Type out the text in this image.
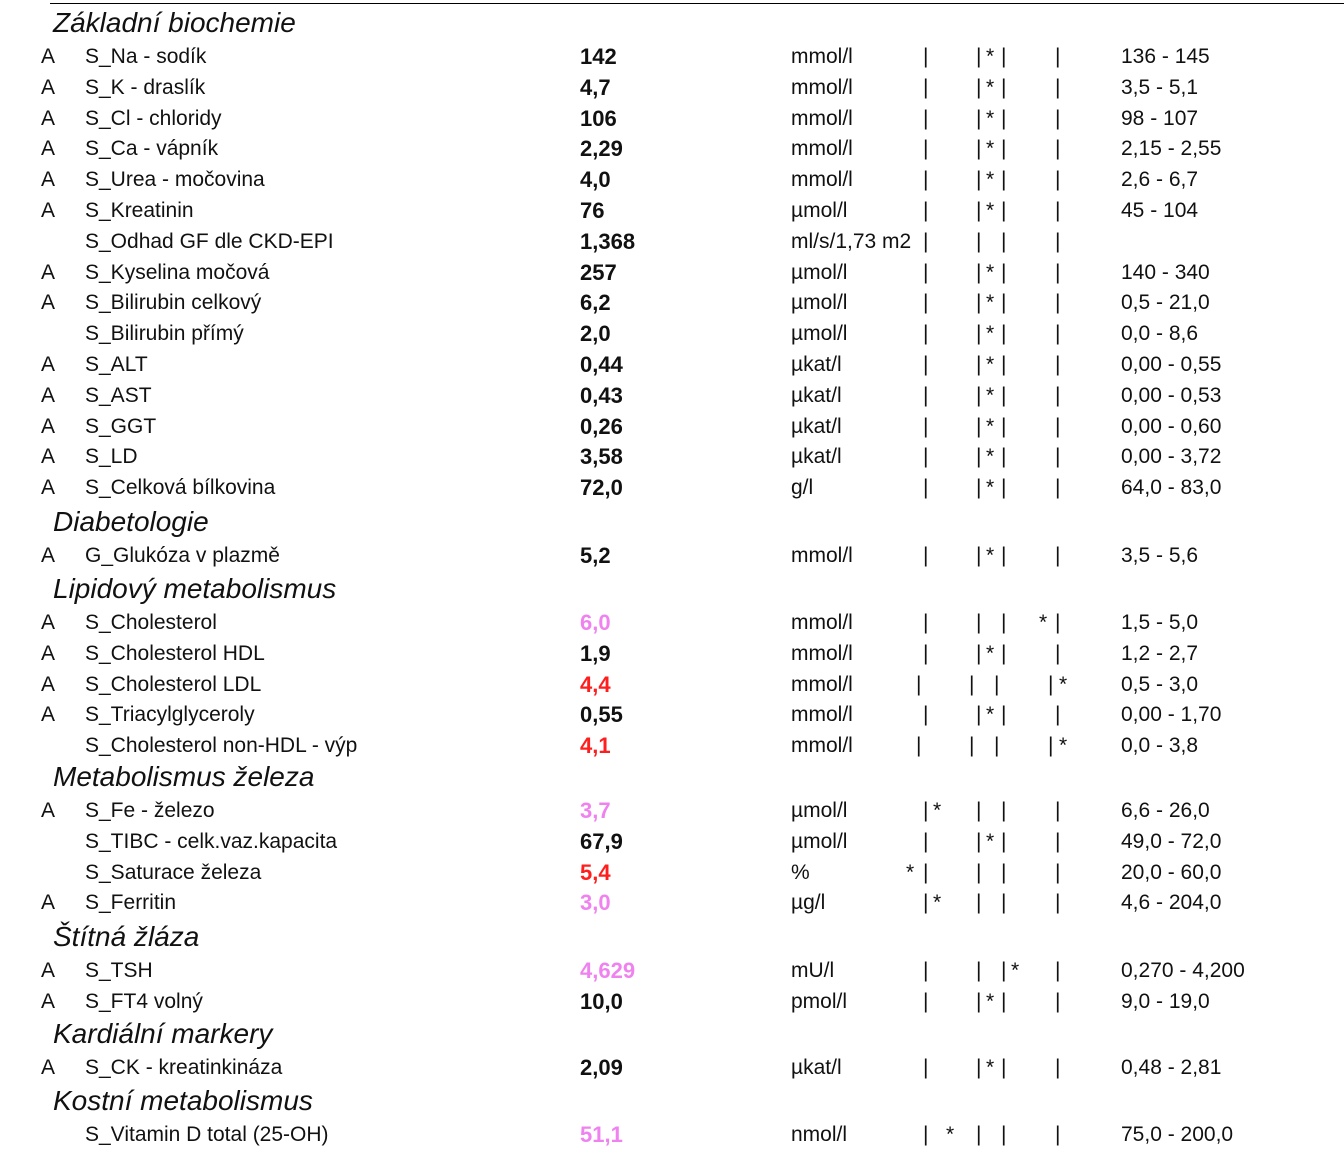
Základní biochemie
A S_Na - sodík	142	mmol/l	| | * | |	136 - 145
A S_K - draslík	4,7	mmol/l	| | * | |	3,5 - 5,1
A S_Cl - chloridy	106	mmol/l	| | * | |	98 - 107
A S_Ca - vápník	2,29	mmol/l	| | * | |	2,15 - 2,55
A S_Urea - močovina	4,0	mmol/l	| | * | |	2,6 - 6,7
A S_Kreatinin	76	µmol/l	| | * | |	45 - 104
S_Odhad GF dle CKD-EPI	1,368	ml/s/1,73 m2 | | | |
A S_Kyselina močová	257	µmol/l	| | * | |	140 - 340
A S_Bilirubin celkový	6,2	µmol/l	| | * | |	0,5 - 21,0
S_Bilirubin přímý	2,0	µmol/l	| | * | |	0,0 - 8,6
A S_ALT	0,44	µkat/l	| | * | |	0,00 - 0,55
A S_AST	0,43	µkat/l	| | * | |	0,00 - 0,53
A S_GGT	0,26	µkat/l	| | * | |	0,00 - 0,60
A S_LD	3,58	µkat/l	| | * | |	0,00 - 3,72
A S_Celková bílkovina	72,0	g/l	| | * | |	64,0 - 83,0
Diabetologie
A G_Glukóza v plazmě	5,2	mmol/l	| | * | |	3,5 - 5,6
Lipidový metabolismus
A S_Cholesterol	6,0	mmol/l	| | | * |	1,5 - 5,0
A S_Cholesterol HDL	1,9	mmol/l	| | * | |	1,2 - 2,7
A S_Cholesterol LDL	4,4	mmol/l	| | | | *	0,5 - 3,0
A S_Triacylglyceroly	0,55	mmol/l	| | * | |	0,00 - 1,70
S_Cholesterol non-HDL - výp	4,1	mmol/l	| | | | *	0,0 - 3,8
Metabolismus železa
A S_Fe - železo	3,7	µmol/l	| * | | |	6,6 - 26,0
S_TIBC - celk.vaz.kapacita	67,9	µmol/l	| | * | |	49,0 - 72,0
S_Saturace železa	5,4	%	* | | | |	20,0 - 60,0
A S_Ferritin	3,0	µg/l	| * | | |	4,6 - 204,0
Štítná žláza
A S_TSH	4,629	mU/l	| | | * |	0,270 - 4,200
A S_FT4 volný	10,0	pmol/l	| | * | |	9,0 - 19,0
Kardiální markery
A S_CK - kreatinkináza	2,09	µkat/l	| | * | |	0,48 - 2,81
Kostní metabolismus
S_Vitamin D total (25-OH)	51,1	nmol/l	| * | | |	75,0 - 200,0
